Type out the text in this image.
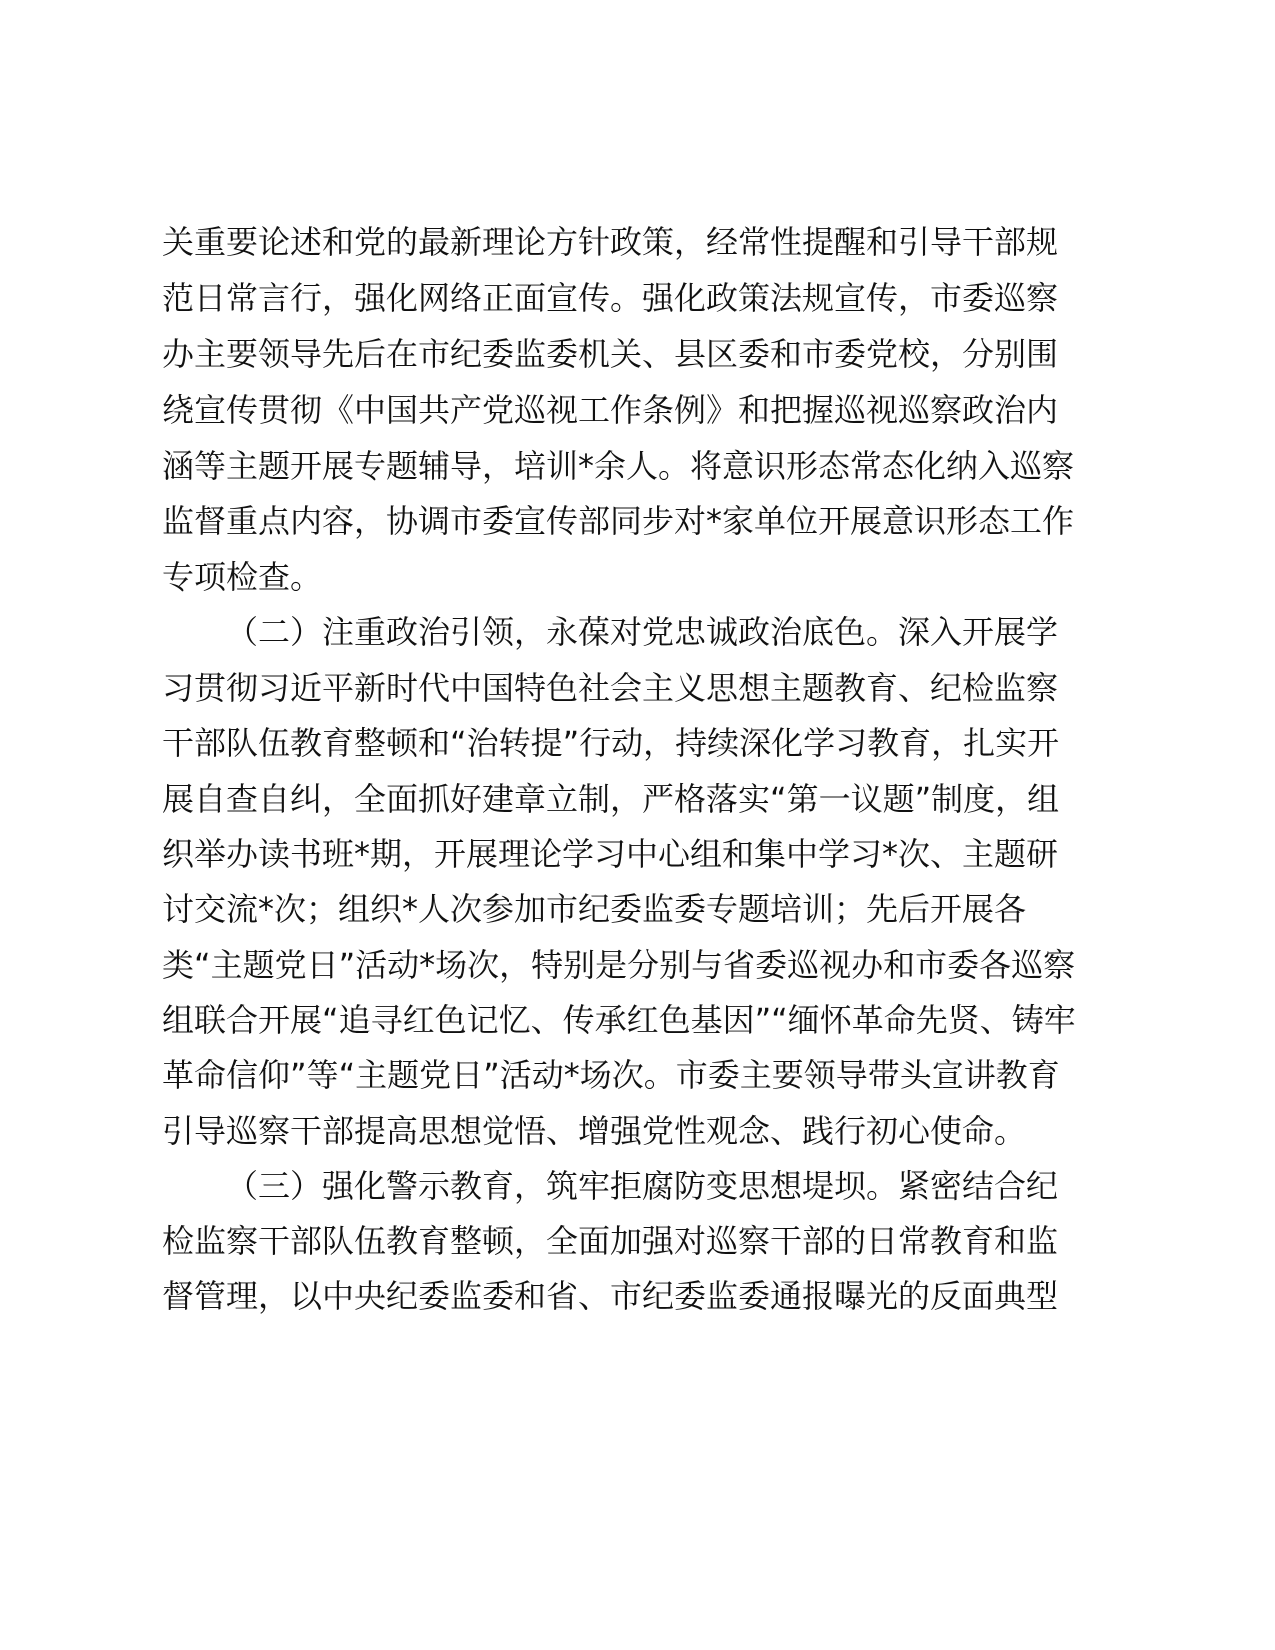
关重要论述和党的最新理论方针政策，经常性提醒和引导干部规
范日常言行，强化网络正面宣传。强化政策法规宣传，市委巡察
办主要领导先后在市纪委监委机关、县区委和市委党校，分别围
绕宣传贯彻《中国共产党巡视工作条例》和把握巡视巡察政治内
涵等主题开展专题辅导，培训*余人。将意识形态常态化纳入巡察
监督重点内容，协调市委宣传部同步对*家单位开展意识形态工作
专项检查。
（二）注重政治引领，永葆对党忠诚政治底色。深入开展学
习贯彻习近平新时代中国特色社会主义思想主题教育、纪检监察
干部队伍教育整顿和“治转提”行动，持续深化学习教育，扎实开
展自查自纠，全面抓好建章立制，严格落实“第一议题”制度，组
织举办读书班*期，开展理论学习中心组和集中学习*次、主题研
讨交流*次；组织*人次参加市纪委监委专题培训；先后开展各
类“主题党日”活动*场次，特别是分别与省委巡视办和市委各巡察
组联合开展“追寻红色记忆、传承红色基因”“缅怀革命先贤、铸牢
革命信仰”等“主题党日”活动*场次。市委主要领导带头宣讲教育
引导巡察干部提高思想觉悟、增强党性观念、践行初心使命。
（三）强化警示教育，筑牢拒腐防变思想堤坝。紧密结合纪
检监察干部队伍教育整顿，全面加强对巡察干部的日常教育和监
督管理，以中央纪委监委和省、市纪委监委通报曝光的反面典型
